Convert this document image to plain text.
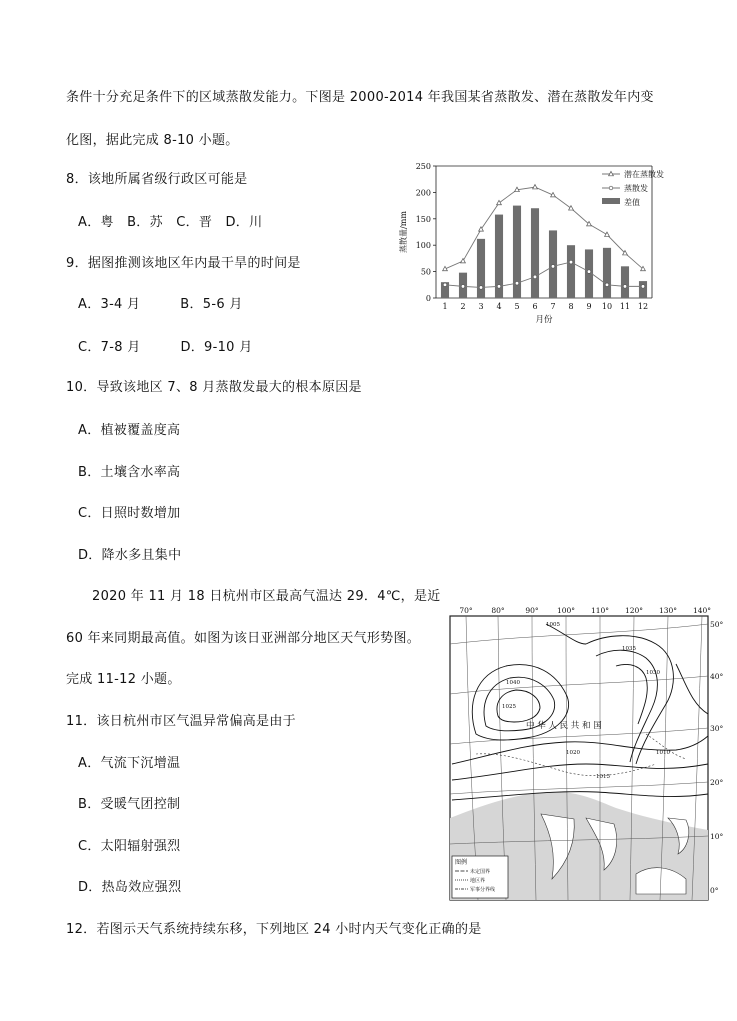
条件十分充足条件下的区域蒸散发能力。下图是 2000-2014 年我国某省蒸散发、潜在蒸散发年内变
化图，据此完成 8-10 小题。
8．该地所属省级行政区可能是
A．粤　B．苏　C．晋　D．川
9．据图推测该地区年内最干旱的时间是
A．3-4 月　　　B．5-6 月
C．7-8 月　　　D．9-10 月
10．导致该地区 7、8 月蒸散发最大的根本原因是
A．植被覆盖度高
B．土壤含水率高
C．日照时数增加
D．降水多且集中
2020 年 11 月 18 日杭州市区最高气温达 29．4℃，是近
60 年来同期最高值。如图为该日亚洲部分地区天气形势图。
完成 11-12 小题。
11．该日杭州市区气温异常偏高是由于
A．气流下沉增温
B．受暖气团控制
C．太阳辐射强烈
D．热岛效应强烈
12．若图示天气系统持续东移，下列地区 24 小时内天气变化正确的是
0
50
100
150
200
250
蒸散量/mm
1 2 3 4 5 6 7 8 9 10 11 12
月份
潜在蒸散发
蒸散发
差值
70° 80°	90° 100° 110° 120° 130° 140°
50°
40°
30°
20°
10°
0°
中 华 人 民 共 和 国
1040
1035
1030
1025
1020
1015
1010
1005
图例
未定国界
地区界
军事分界线
